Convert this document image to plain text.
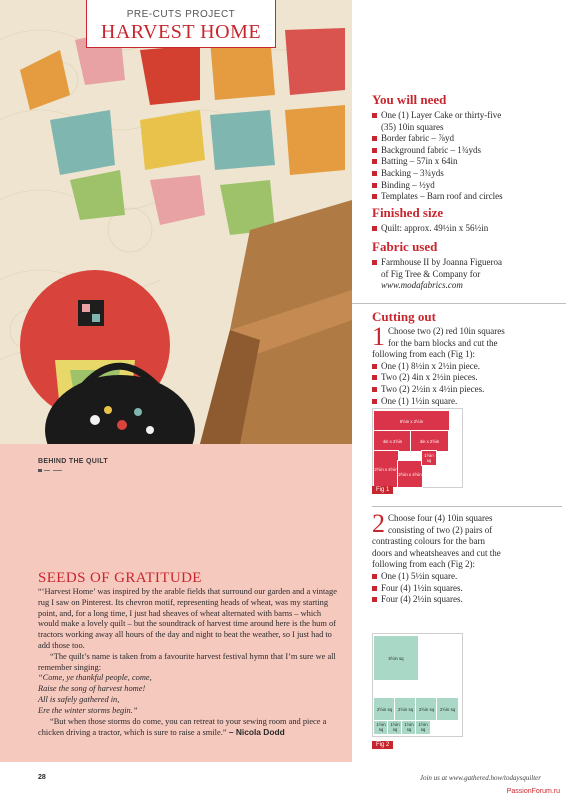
PRE-CUTS PROJECT
HARVEST HOME
You will need
One (1) Layer Cake or thirty-five
(35) 10in squares
Border fabric – ⅞yd
Background fabric – 1¾yds
Batting – 57in x 64in
Backing – 3¾yds
Binding – ½yd
Templates – Barn roof and circles
Finished size
Quilt: approx. 49½in x 56½in
Fabric used
Farmhouse II by Joanna Figueroa
of Fig Tree & Company for
www.modafabrics.com
Cutting out
1 Choose two (2) red 10in squares
for the barn blocks and cut the
following from each (Fig 1):
One (1) 8½in x 2½in piece.
Two (2) 4in x 2½in pieces.
Two (2) 2½in x 4½in pieces.
One (1) 1½in square.
8½in x 2½in
4in x 2½in	4in x 2½in
2½in x 4½in
2½in x 4½in
1½in sq
Fig 1
2 Choose four (4) 10in squares
consisting of two (2) pairs of
contrasting colours for the barn
doors and wheatsheaves and cut the
following from each (Fig 2):
One (1) 5½in square.
Four (4) 1½in squares.
Four (4) 2½in squares.
5½in sq
1½in sq
1½in sq
1½in sq
1½in sq
2½in sq	2½in sq	2½in sq	2½in sq
Fig 2
BEHIND THE QUILT
SEEDS OF GRATITUDE

“‘Harvest Home’ was inspired by the arable fields that surround our garden and a vintage rug I saw on Pinterest. Its chevron motif, representing heads of wheat, was my starting point, and, for a long time, I just had sheaves of wheat alternated with barns – which would make a lovely quilt – but the soundtrack of harvest time around here is the hum of tractors working away all hours of the day and night to beat the weather, so I just had to add those too.

“The quilt’s name is taken from a favourite harvest festival hymn that I’m sure we all remember singing:

“Come, ye thankful people, come,

Raise the song of harvest home!

All is safely gathered in,

Ere the winter storms begin.”

“But when those storms do come, you can retreat to your sewing room and piece a chicken driving a tractor, which is sure to raise a smile.” – Nicola Dodd

28	Join us at www.gathered.how/todaysquilter
PassionForum.ru
